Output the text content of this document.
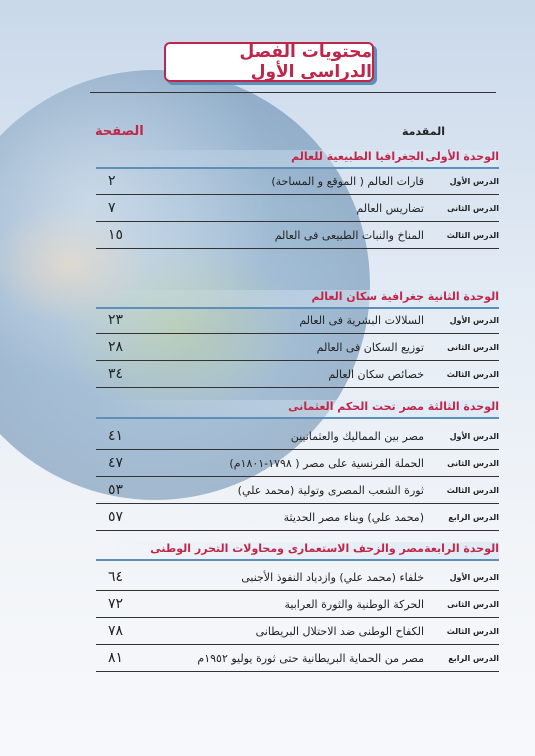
محتويات الفصل الدراسى الأول
المقدمة
الصفحة
الوحدة الأولى
الجغرافيا الطبيعية للعالم
الدرس الأول
قارات العالم ( الموقع و المساحة)
٢
الدرس الثانى
تضاريس العالم
٧
الدرس الثالث
المناخ والنبات الطبيعى فى العالم
١٥
الوحدة الثانية
جغرافية سكان العالم
الدرس الأول
السلالات البشرية فى العالم
٢٣
الدرس الثانى
توزيع السكان فى العالم
٢٨
الدرس الثالث
خصائص سكان العالم
٣٤
الوحدة الثالثة
مصر تحت الحكم العثمانى
الدرس الأول
مصر بين المماليك والعثمانيين
٤١
الدرس الثانى
الحملة الفرنسية على مصر ( ١٧٩٨-١٨٠١م)
٤٧
الدرس الثالث
ثورة الشعب المصرى وتولية (محمد علي)
٥٣
الدرس الرابع
(محمد علي) وبناء مصر الحديثة
٥٧
الوحدة الرابعة
مصر والزحف الاستعمارى ومحاولات التحرر الوطنى
الدرس الأول
خلفاء (محمد علي) وازدياد النفوذ الأجنبى
٦٤
الدرس الثانى
الحركة الوطنية والثورة العرابية
٧٢
الدرس الثالث
الكفاح الوطنى ضد الاحتلال البريطانى
٧٨
الدرس الرابع
مصر من الحماية البريطانية حتى ثورة يوليو ١٩٥٢م
٨١
